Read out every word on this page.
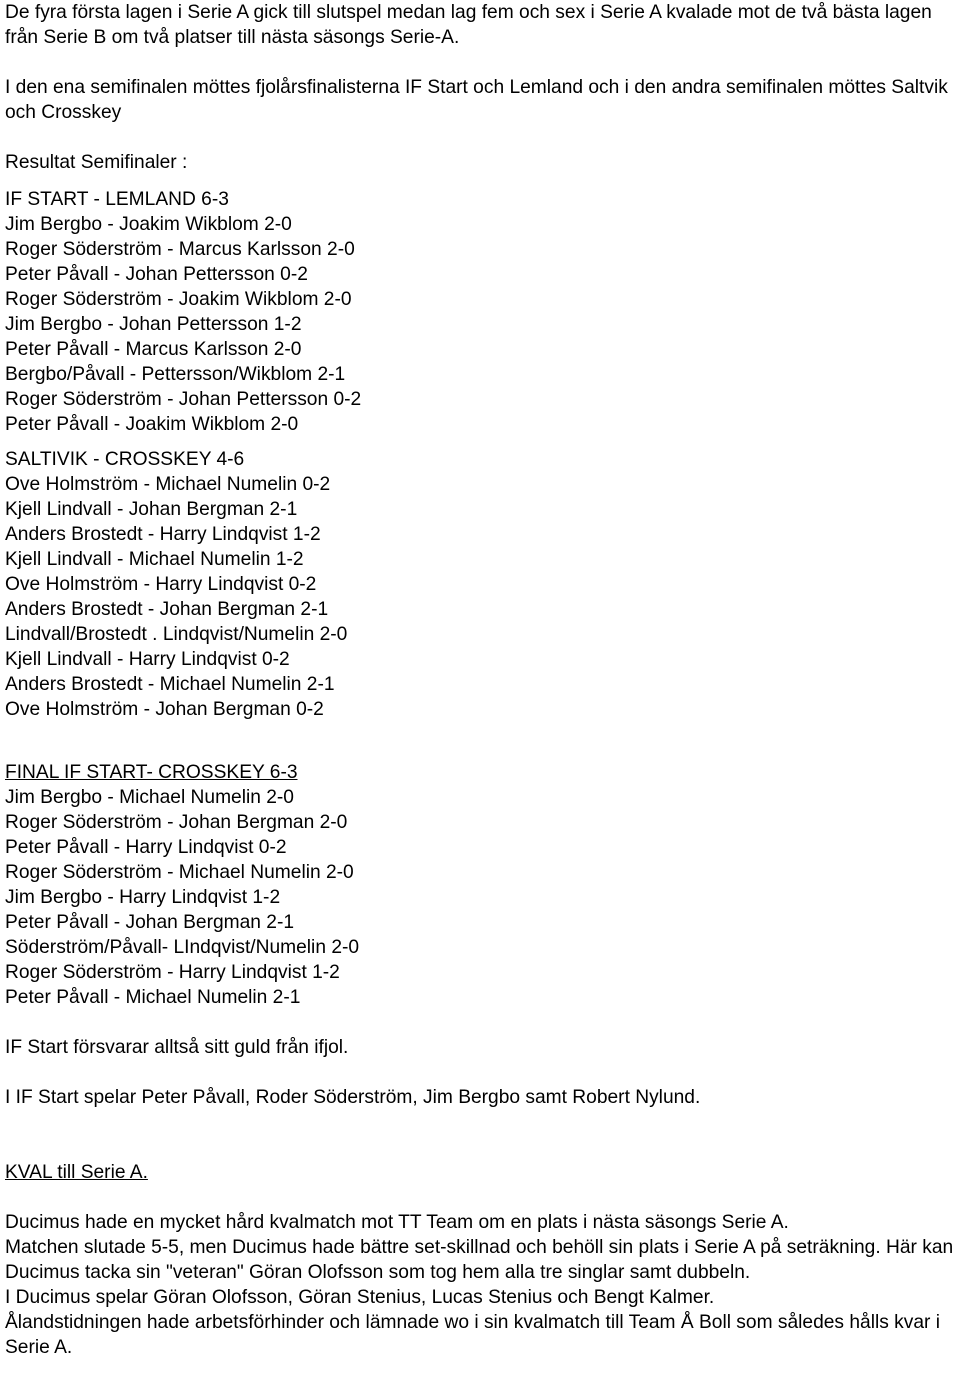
De fyra första lagen i Serie A gick till slutspel medan lag fem och sex i Serie A kvalade mot de två bästa lagen från Serie B om två platser till nästa säsongs Serie-A.

I den ena semifinalen möttes fjolårsfinalisterna IF Start och Lemland och i den andra semifinalen möttes Saltvik och Crosskey

Resultat Semifinaler :

IF START - LEMLAND 6-3

Jim Bergbo - Joakim Wikblom 2-0

Roger Söderström - Marcus Karlsson 2-0

Peter Påvall - Johan Pettersson 0-2

Roger Söderström - Joakim Wikblom 2-0

Jim Bergbo - Johan Pettersson 1-2

Peter Påvall - Marcus Karlsson 2-0

Bergbo/Påvall - Pettersson/Wikblom 2-1

Roger Söderström - Johan Pettersson 0-2

Peter Påvall - Joakim Wikblom 2-0

SALTIVIK - CROSSKEY 4-6

Ove Holmström - Michael Numelin 0-2

Kjell Lindvall - Johan Bergman 2-1

Anders Brostedt - Harry Lindqvist 1-2

Kjell Lindvall - Michael Numelin 1-2

Ove Holmström - Harry Lindqvist 0-2

Anders Brostedt - Johan Bergman 2-1

Lindvall/Brostedt . Lindqvist/Numelin 2-0

Kjell Lindvall - Harry Lindqvist 0-2

Anders Brostedt - Michael Numelin 2-1

Ove Holmström - Johan Bergman 0-2

FINAL IF START- CROSSKEY 6-3

Jim Bergbo - Michael Numelin 2-0

Roger Söderström - Johan Bergman 2-0

Peter Påvall - Harry Lindqvist 0-2

Roger Söderström - Michael Numelin 2-0

Jim Bergbo - Harry Lindqvist 1-2

Peter Påvall - Johan Bergman 2-1

Söderström/Påvall- LIndqvist/Numelin 2-0

Roger Söderström - Harry Lindqvist 1-2

Peter Påvall - Michael Numelin 2-1

IF Start försvarar alltså sitt guld från ifjol.

I IF Start spelar Peter Påvall, Roder Söderström, Jim Bergbo samt Robert Nylund.

KVAL till Serie A.

Ducimus hade en mycket hård kvalmatch mot TT Team om en plats i nästa säsongs Serie A.

Matchen slutade 5-5, men Ducimus hade bättre set-skillnad och behöll sin plats i Serie A på seträkning. Här kan Ducimus tacka sin "veteran" Göran Olofsson som tog hem alla tre singlar samt dubbeln.

I Ducimus spelar Göran Olofsson, Göran Stenius, Lucas Stenius och Bengt Kalmer.

Ålandstidningen hade arbetsförhinder och lämnade wo i sin kvalmatch till Team Å Boll som således hålls kvar i Serie A.
